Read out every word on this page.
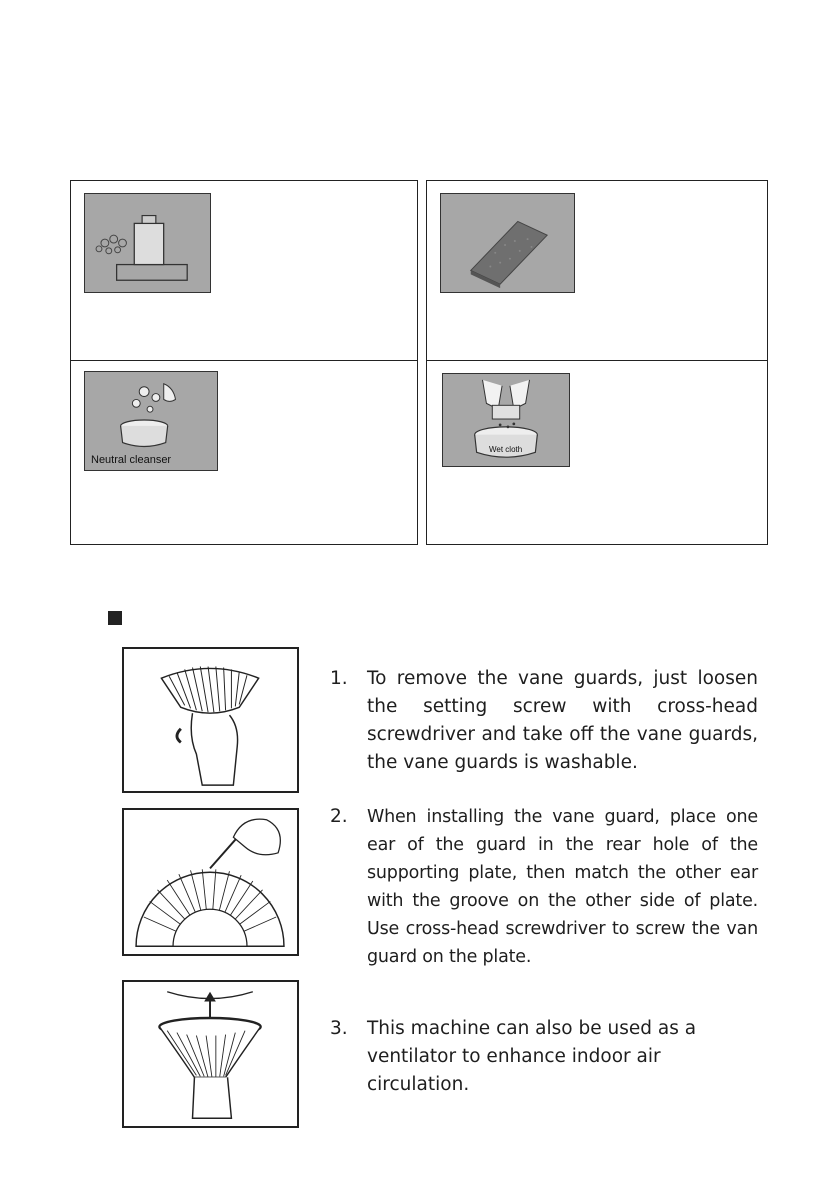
Neutral cleanser
Wet cloth
1. To remove the vane guards, just loosen the setting screw with cross-head screwdriver and take off the vane guards, the vane guards is washable.
2. When installing the vane guard, place one ear of the guard in the rear hole of the supporting plate, then match the other ear with the groove on the other side of plate. Use cross-head screwdriver to screw the van guard on the plate.
3. This machine can also be used as a ventilator to enhance indoor air circulation.
